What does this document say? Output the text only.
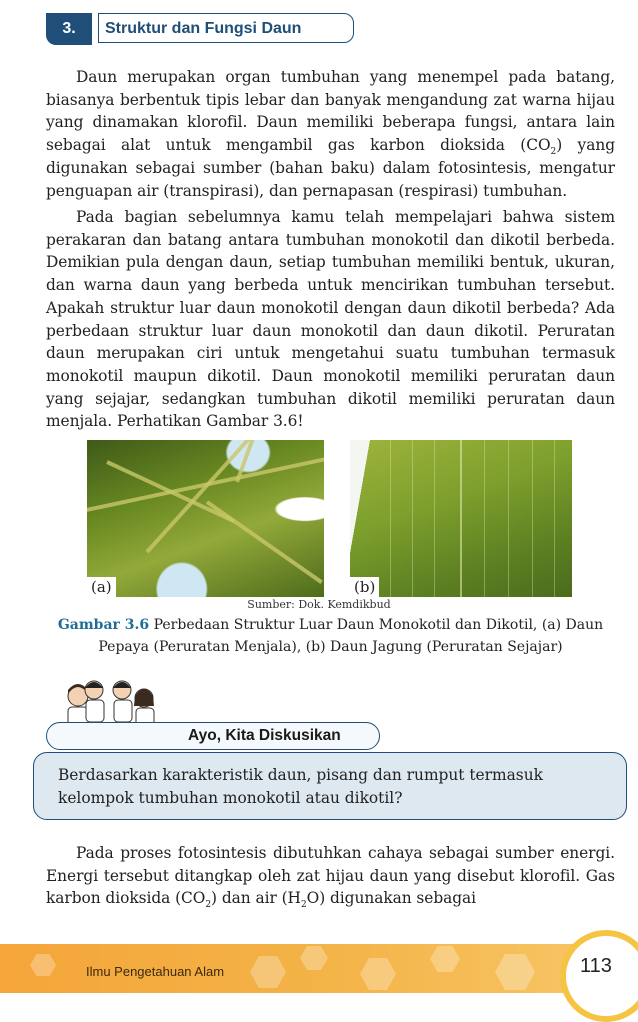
3.	Struktur dan Fungsi Daun

Daun merupakan organ tumbuhan yang menempel pada batang, biasanya berbentuk tipis lebar dan banyak mengandung zat warna hijau yang dinamakan klorofil. Daun memiliki beberapa fungsi, antara lain sebagai alat untuk mengambil gas karbon dioksida $(CO_2)$ yang digunakan sebagai sumber (bahan baku) dalam fotosintesis, mengatur penguapan air (transpirasi), dan pernapasan (respirasi) tumbuhan.

Pada bagian sebelumnya kamu telah mempelajari bahwa sistem perakaran dan batang antara tumbuhan monokotil dan dikotil berbeda. Demikian pula dengan daun, setiap tumbuhan memiliki bentuk, ukuran, dan warna daun yang berbeda untuk mencirikan tumbuhan tersebut. Apakah struktur luar daun monokotil dengan daun dikotil berbeda? Ada perbedaan struktur luar daun monokotil dan daun dikotil. Peruratan daun merupakan ciri untuk mengetahui suatu tumbuhan termasuk monokotil maupun dikotil. Daun monokotil memiliki peruratan daun yang sejajar, sedangkan tumbuhan dikotil memiliki peruratan daun menjala. Perhatikan Gambar 3.6!

(a)	(b)
Sumber: Dok. Kemdikbud
Gambar 3.6 Perbedaan Struktur Luar Daun Monokotil dan Dikotil, (a) Daun Pepaya (Peruratan Menjala), (b) Daun Jagung (Peruratan Sejajar)
Ayo, Kita Diskusikan
Berdasarkan karakteristik daun, pisang dan rumput termasuk kelompok tumbuhan monokotil atau dikotil?

Pada proses fotosintesis dibutuhkan cahaya sebagai sumber energi. Energi tersebut ditangkap oleh zat hijau daun yang disebut klorofil. Gas karbon dioksida $(CO_2)$ dan air $(H_2O)$ digunakan sebagai

Ilmu Pengetahuan Alam	113
